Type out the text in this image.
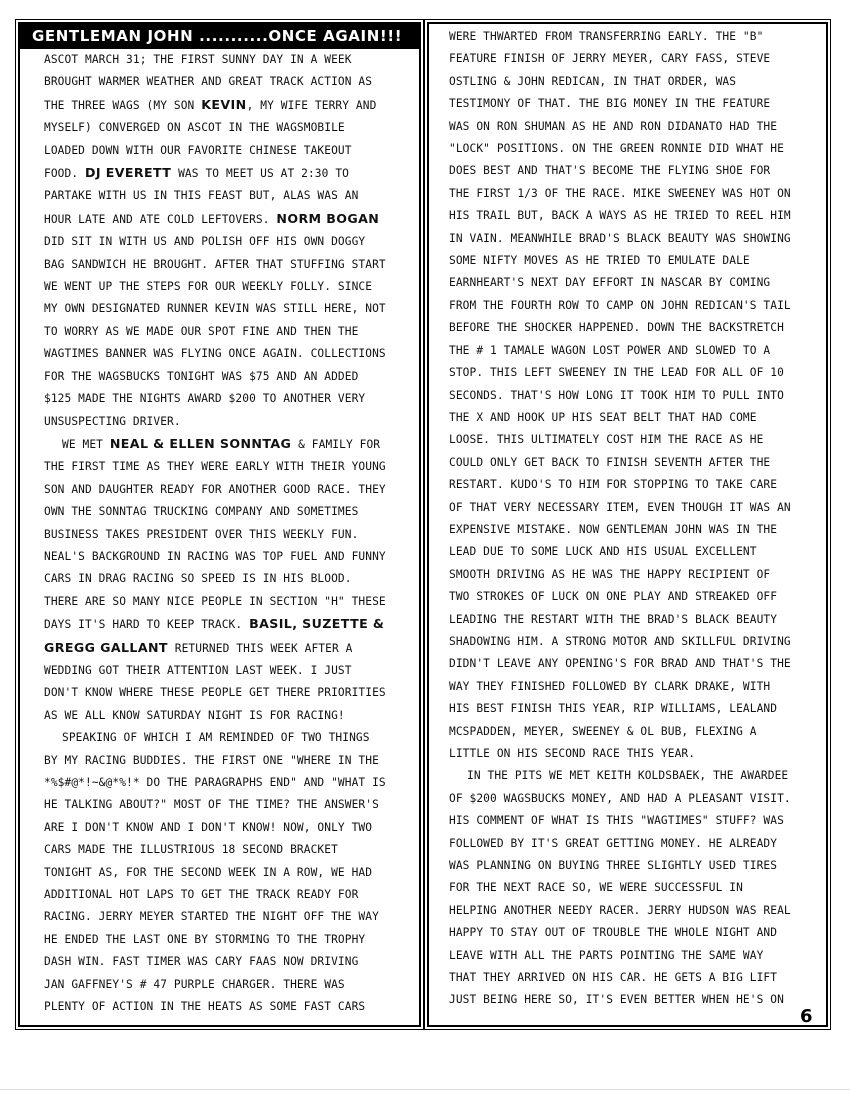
GENTLEMAN JOHN ...........ONCE AGAIN!!!
ASCOT MARCH 31; THE FIRST SUNNY DAY IN A WEEK
BROUGHT WARMER WEATHER AND GREAT TRACK ACTION AS
THE THREE WAGS (MY SON KEVIN, MY WIFE TERRY AND
MYSELF) CONVERGED ON ASCOT IN THE WAGSMOBILE
LOADED DOWN WITH OUR FAVORITE CHINESE TAKEOUT
FOOD. DJ EVERETT WAS TO MEET US AT 2:30 TO
PARTAKE WITH US IN THIS FEAST BUT, ALAS WAS AN
HOUR LATE AND ATE COLD LEFTOVERS. NORM BOGAN
DID SIT IN WITH US AND POLISH OFF HIS OWN DOGGY
BAG SANDWICH HE BROUGHT. AFTER THAT STUFFING START
WE WENT UP THE STEPS FOR OUR WEEKLY FOLLY. SINCE
MY OWN DESIGNATED RUNNER KEVIN WAS STILL HERE, NOT
TO WORRY AS WE MADE OUR SPOT FINE AND THEN THE
WAGTIMES BANNER WAS FLYING ONCE AGAIN. COLLECTIONS
FOR THE WAGSBUCKS TONIGHT WAS $75 AND AN ADDED
$125 MADE THE NIGHTS AWARD $200 TO ANOTHER VERY
UNSUSPECTING DRIVER.
WE MET NEAL & ELLEN SONNTAG & FAMILY FOR
THE FIRST TIME AS THEY WERE EARLY WITH THEIR YOUNG
SON AND DAUGHTER READY FOR ANOTHER GOOD RACE. THEY
OWN THE SONNTAG TRUCKING COMPANY AND SOMETIMES
BUSINESS TAKES PRESIDENT OVER THIS WEEKLY FUN.
NEAL'S BACKGROUND IN RACING WAS TOP FUEL AND FUNNY
CARS IN DRAG RACING SO SPEED IS IN HIS BLOOD.
THERE ARE SO MANY NICE PEOPLE IN SECTION "H" THESE
DAYS IT'S HARD TO KEEP TRACK. BASIL, SUZETTE &
GREGG GALLANT RETURNED THIS WEEK AFTER A
WEDDING GOT THEIR ATTENTION LAST WEEK. I JUST
DON'T KNOW WHERE THESE PEOPLE GET THERE PRIORITIES
AS WE ALL KNOW SATURDAY NIGHT IS FOR RACING!
SPEAKING OF WHICH I AM REMINDED OF TWO THINGS
BY MY RACING BUDDIES. THE FIRST ONE "WHERE IN THE
*%$#@*!~&@*%!* DO THE PARAGRAPHS END" AND "WHAT IS
HE TALKING ABOUT?" MOST OF THE TIME? THE ANSWER'S
ARE I DON'T KNOW AND I DON'T KNOW! NOW, ONLY TWO
CARS MADE THE ILLUSTRIOUS 18 SECOND BRACKET
TONIGHT AS, FOR THE SECOND WEEK IN A ROW, WE HAD
ADDITIONAL HOT LAPS TO GET THE TRACK READY FOR
RACING. JERRY MEYER STARTED THE NIGHT OFF THE WAY
HE ENDED THE LAST ONE BY STORMING TO THE TROPHY
DASH WIN. FAST TIMER WAS CARY FAAS NOW DRIVING
JAN GAFFNEY'S # 47 PURPLE CHARGER. THERE WAS
PLENTY OF ACTION IN THE HEATS AS SOME FAST CARS
WERE THWARTED FROM TRANSFERRING EARLY. THE "B"
FEATURE FINISH OF JERRY MEYER, CARY FASS, STEVE
OSTLING & JOHN REDICAN, IN THAT ORDER, WAS
TESTIMONY OF THAT. THE BIG MONEY IN THE FEATURE
WAS ON RON SHUMAN AS HE AND RON DIDANATO HAD THE
"LOCK" POSITIONS. ON THE GREEN RONNIE DID WHAT HE
DOES BEST AND THAT'S BECOME THE FLYING SHOE FOR
THE FIRST 1/3 OF THE RACE. MIKE SWEENEY WAS HOT ON
HIS TRAIL BUT, BACK A WAYS AS HE TRIED TO REEL HIM
IN VAIN. MEANWHILE BRAD'S BLACK BEAUTY WAS SHOWING
SOME NIFTY MOVES AS HE TRIED TO EMULATE DALE
EARNHEART'S NEXT DAY EFFORT IN NASCAR BY COMING
FROM THE FOURTH ROW TO CAMP ON JOHN REDICAN'S TAIL
BEFORE THE SHOCKER HAPPENED. DOWN THE BACKSTRETCH
THE # 1 TAMALE WAGON LOST POWER AND SLOWED TO A
STOP. THIS LEFT SWEENEY IN THE LEAD FOR ALL OF 10
SECONDS. THAT'S HOW LONG IT TOOK HIM TO PULL INTO
THE X AND HOOK UP HIS SEAT BELT THAT HAD COME
LOOSE. THIS ULTIMATELY COST HIM THE RACE AS HE
COULD ONLY GET BACK TO FINISH SEVENTH AFTER THE
RESTART. KUDO'S TO HIM FOR STOPPING TO TAKE CARE
OF THAT VERY NECESSARY ITEM, EVEN THOUGH IT WAS AN
EXPENSIVE MISTAKE. NOW GENTLEMAN JOHN WAS IN THE
LEAD DUE TO SOME LUCK AND HIS USUAL EXCELLENT
SMOOTH DRIVING AS HE WAS THE HAPPY RECIPIENT OF
TWO STROKES OF LUCK ON ONE PLAY AND STREAKED OFF
LEADING THE RESTART WITH THE BRAD'S BLACK BEAUTY
SHADOWING HIM. A STRONG MOTOR AND SKILLFUL DRIVING
DIDN'T LEAVE ANY OPENING'S FOR BRAD AND THAT'S THE
WAY THEY FINISHED FOLLOWED BY CLARK DRAKE, WITH
HIS BEST FINISH THIS YEAR, RIP WILLIAMS, LEALAND
MCSPADDEN, MEYER, SWEENEY & OL BUB, FLEXING A
LITTLE ON HIS SECOND RACE THIS YEAR.
IN THE PITS WE MET KEITH KOLDSBAEK, THE AWARDEE
OF $200 WAGSBUCKS MONEY, AND HAD A PLEASANT VISIT.
HIS COMMENT OF WHAT IS THIS "WAGTIMES" STUFF? WAS
FOLLOWED BY IT'S GREAT GETTING MONEY. HE ALREADY
WAS PLANNING ON BUYING THREE SLIGHTLY USED TIRES
FOR THE NEXT RACE SO, WE WERE SUCCESSFUL IN
HELPING ANOTHER NEEDY RACER. JERRY HUDSON WAS REAL
HAPPY TO STAY OUT OF TROUBLE THE WHOLE NIGHT AND
LEAVE WITH ALL THE PARTS POINTING THE SAME WAY
THAT THEY ARRIVED ON HIS CAR. HE GETS A BIG LIFT
JUST BEING HERE SO, IT'S EVEN BETTER WHEN HE'S ON
6
